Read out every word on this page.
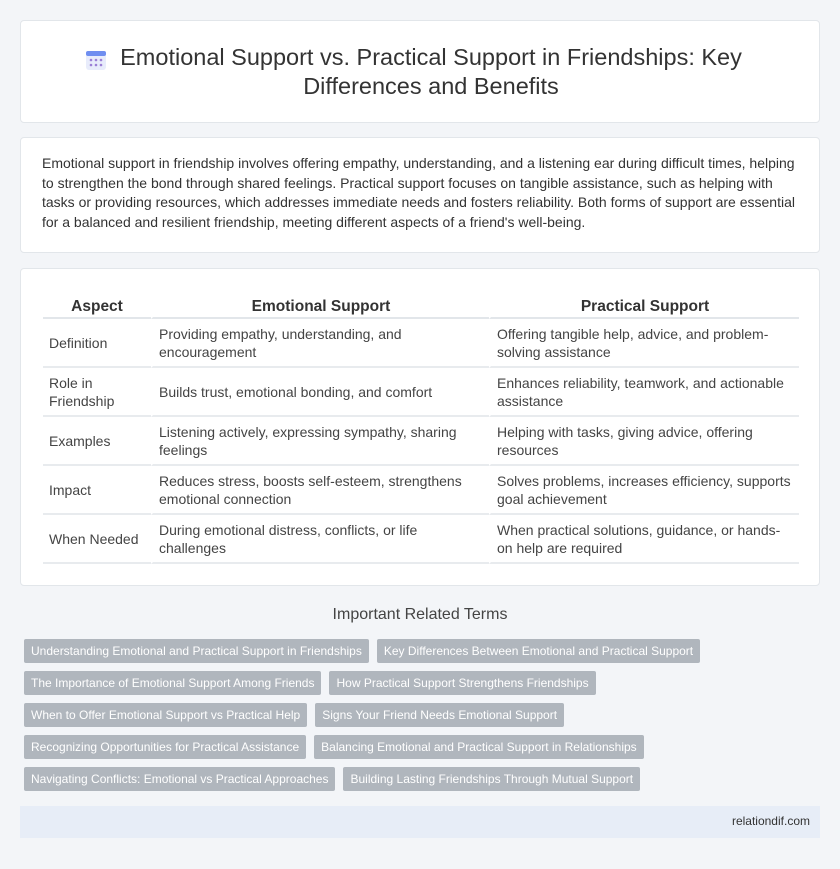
Emotional Support vs. Practical Support in Friendships: Key Differences and Benefits

Emotional support in friendship involves offering empathy, understanding, and a listening ear during difficult times, helping to strengthen the bond through shared feelings. Practical support focuses on tangible assistance, such as helping with tasks or providing resources, which addresses immediate needs and fosters reliability. Both forms of support are essential for a balanced and resilient friendship, meeting different aspects of a friend's well-being.

Aspect	Emotional Support	Practical Support
Definition	Providing empathy, understanding, and encouragement	Offering tangible help, advice, and problem-solving assistance
Role in Friendship	Builds trust, emotional bonding, and comfort	Enhances reliability, teamwork, and actionable assistance
Examples	Listening actively, expressing sympathy, sharing feelings	Helping with tasks, giving advice, offering resources
Impact	Reduces stress, boosts self-esteem, strengthens emotional connection	Solves problems, increases efficiency, supports goal achievement
When Needed	During emotional distress, conflicts, or life challenges	When practical solutions, guidance, or hands-on help are required
Important Related Terms
Understanding Emotional and Practical Support in Friendships	Key Differences Between Emotional and Practical Support
The Importance of Emotional Support Among Friends	How Practical Support Strengthens Friendships
When to Offer Emotional Support vs Practical Help	Signs Your Friend Needs Emotional Support
Recognizing Opportunities for Practical Assistance	Balancing Emotional and Practical Support in Relationships
Navigating Conflicts: Emotional vs Practical Approaches	Building Lasting Friendships Through Mutual Support
relationdif.com
